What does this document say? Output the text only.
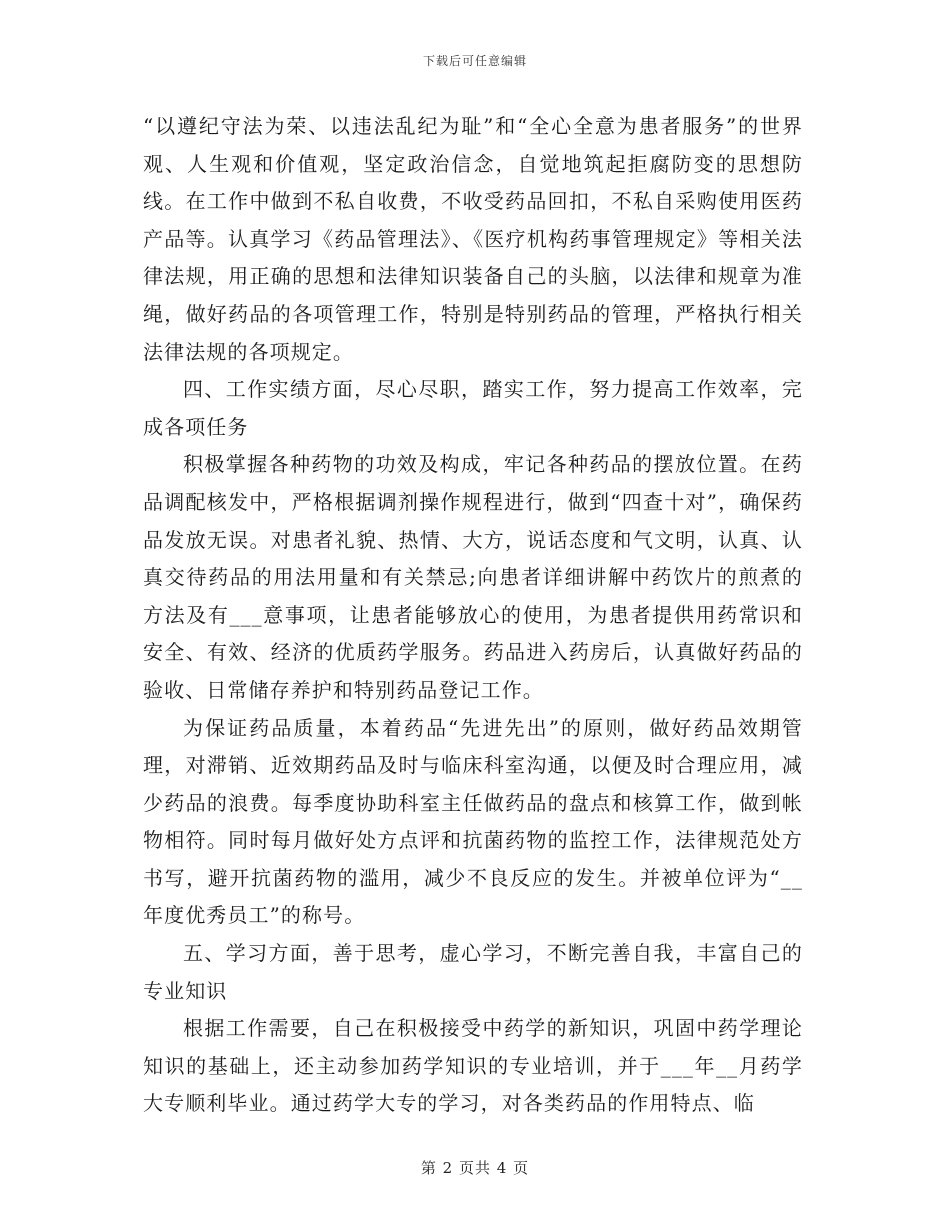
下载后可任意编辑

“以遵纪守法为荣、以违法乱纪为耻”和“全心全意为患者服务”的世界观、人生观和价值观，坚定政治信念，自觉地筑起拒腐防变的思想防线。在工作中做到不私自收费，不收受药品回扣，不私自采购使用医药产品等。认真学习《药品管理法》、《医疗机构药事管理规定》等相关法律法规，用正确的思想和法律知识装备自己的头脑，以法律和规章为准绳，做好药品的各项管理工作，特别是特别药品的管理，严格执行相关法律法规的各项规定。

四、工作实绩方面，尽心尽职，踏实工作，努力提高工作效率，完成各项任务

积极掌握各种药物的功效及构成，牢记各种药品的摆放位置。在药品调配核发中，严格根据调剂操作规程进行，做到“四查十对”，确保药品发放无误。对患者礼貌、热情、大方，说话态度和气文明，认真、认真交待药品的用法用量和有关禁忌;向患者详细讲解中药饮片的煎煮的方法及有___意事项，让患者能够放心的使用，为患者提供用药常识和安全、有效、经济的优质药学服务。药品进入药房后，认真做好药品的验收、日常储存养护和特别药品登记工作。

为保证药品质量，本着药品“先进先出”的原则，做好药品效期管理，对滞销、近效期药品及时与临床科室沟通，以便及时合理应用，减少药品的浪费。每季度协助科室主任做药品的盘点和核算工作，做到帐物相符。同时每月做好处方点评和抗菌药物的监控工作，法律规范处方书写，避开抗菌药物的滥用，减少不良反应的发生。并被单位评为“__年度优秀员工”的称号。

五、学习方面，善于思考，虚心学习，不断完善自我，丰富自己的专业知识

根据工作需要，自己在积极接受中药学的新知识，巩固中药学理论知识的基础上，还主动参加药学知识的专业培训，并于___年__月药学大专顺利毕业。通过药学大专的学习，对各类药品的作用特点、临

第 2 页共 4 页
